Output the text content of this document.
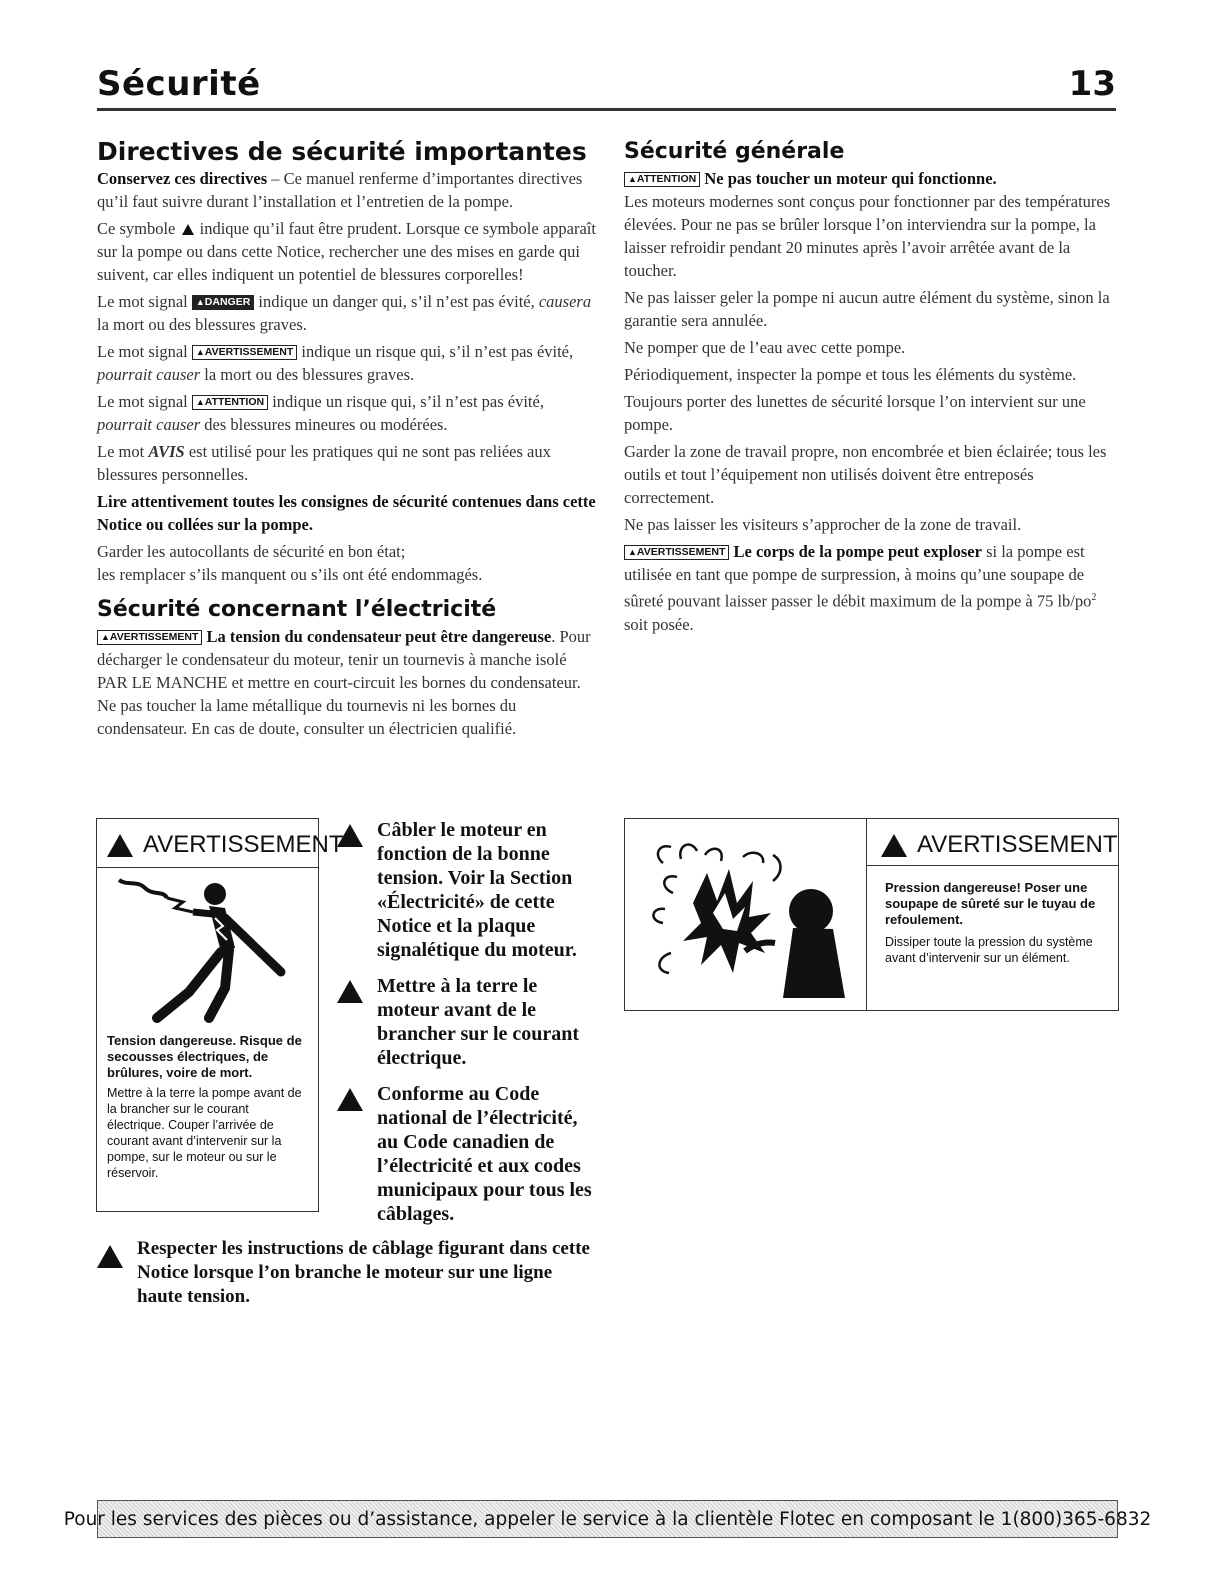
Sécurité	13
Directives de sécurité importantes

Conservez ces directives – Ce manuel renferme d’importantes directives qu’il faut suivre durant l’installation et l’entretien de la pompe.

Ce symbole  indique qu’il faut être prudent. Lorsque ce symbole apparaît sur la pompe ou dans cette Notice, rechercher une des mises en garde qui suivent, car elles indiquent un potentiel de blessures corporelles!

Le mot signal ▲DANGER indique un danger qui, s’il n’est pas évité, causera la mort ou des blessures graves.

Le mot signal ▲AVERTISSEMENT indique un risque qui, s’il n’est pas évité, pourrait causer la mort ou des blessures graves.

Le mot signal ▲ATTENTION indique un risque qui, s’il n’est pas évité, pourrait causer des blessures mineures ou modérées.

Le mot AVIS est utilisé pour les pratiques qui ne sont pas reliées aux blessures personnelles.

Lire attentivement toutes les consignes de sécurité contenues dans cette Notice ou collées sur la pompe.

Garder les autocollants de sécurité en bon état;
les remplacer s’ils manquent ou s’ils ont été endommagés.

Sécurité concernant l’électricité

▲AVERTISSEMENT La tension du condensateur peut être dangereuse. Pour décharger le condensateur du moteur, tenir un tournevis à manche isolé PAR LE MANCHE et mettre en court-circuit les bornes du condensateur. Ne pas toucher la lame métallique du tournevis ni les bornes du condensateur. En cas de doute, consulter un électricien qualifié.

Sécurité générale

▲ATTENTION Ne pas toucher un moteur qui fonctionne.

Les moteurs modernes sont conçus pour fonctionner par des températures élevées. Pour ne pas se brûler lorsque l’on interviendra sur la pompe, la laisser refroidir pendant 20 minutes après l’avoir arrêtée avant de la toucher.

Ne pas laisser geler la pompe ni aucun autre élément du système, sinon la garantie sera annulée.

Ne pomper que de l’eau avec cette pompe.

Périodiquement, inspecter la pompe et tous les éléments du système.

Toujours porter des lunettes de sécurité lorsque l’on intervient sur une pompe.

Garder la zone de travail propre, non encombrée et bien éclairée; tous les outils et tout l’équipement non utilisés doivent être entreposés correctement.

Ne pas laisser les visiteurs s’approcher de la zone de travail.

▲AVERTISSEMENT Le corps de la pompe peut exploser si la pompe est utilisée en tant que pompe de surpression, à moins qu’une soupape de sûreté pouvant laisser passer le débit maximum de la pompe à 75 $lb/po^2$ soit posée.

AVERTISSEMENT
Tension dangereuse. Risque de secousses électriques, de brûlures, voire de mort.
Mettre à la terre la pompe avant de la brancher sur le courant électrique. Couper l’arrivée de courant avant d’intervenir sur la pompe, sur le moteur ou sur le réservoir.
Câbler le moteur en fonction de la bonne tension. Voir la Section «Électricité» de cette Notice et la plaque signalétique du moteur.
Mettre à la terre le moteur avant de le brancher sur le courant électrique.
Conforme au Code national de l’électricité, au Code canadien de l’électricité et aux codes municipaux pour tous les câblages.
Respecter les instructions de câblage figurant dans cette Notice lorsque l’on branche le moteur sur une ligne haute tension.
AVERTISSEMENT
Pression dangereuse! Poser une soupape de sûreté sur le tuyau de refoulement.
Dissiper toute la pression du système avant d’intervenir sur un élément.
Pour les services des pièces ou d’assistance, appeler le service à la clientèle Flotec en composant le 1(800)365-6832
